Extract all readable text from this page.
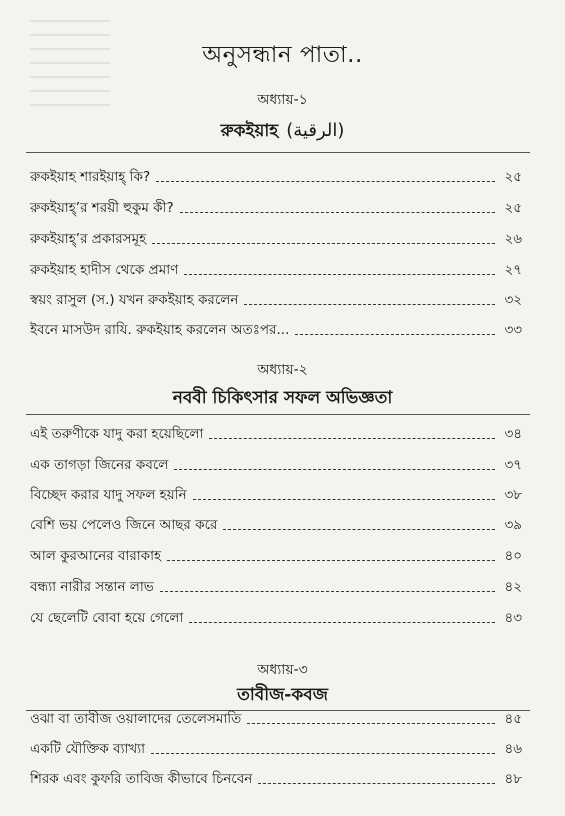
অনুসন্ধান পাতা..
অধ্যায়-১
রুকইয়াহ (الرقية)
রুকইয়াহ শারইয়াহ্ কি?	২৫
রুকইয়াহ্’র শরয়ী হুকুম কী?	২৫
রুকইয়াহ্’র প্রকারসমূহ	২৬
রুকইয়াহ হাদীস থেকে প্রমাণ	২৭
স্বয়ং রাসুল (স.) যখন রুকইয়াহ করলেন	৩২
ইবনে মাসউদ রাযি. রুকইয়াহ করলেন অতঃপর...	৩৩
অধ্যায়-২
নববী চিকিৎসার সফল অভিজ্ঞতা
এই তরুণীকে যাদু করা হয়েছিলো	৩৪
এক তাগড়া জিনের কবলে	৩৭
বিচ্ছেদ করার যাদু সফল হয়নি	৩৮
বেশি ভয় পেলেও জিনে আছর করে	৩৯
আল কুরআনের বারাকাহ	৪০
বন্ধ্যা নারীর সন্তান লাভ	৪২
যে ছেলেটি বোবা হয়ে গেলো	৪৩
অধ্যায়-৩
তাবীজ-কবজ
ওঝা বা তাবীজ ওয়ালাদের তেলেসমাতি	৪৫
একটি যৌক্তিক ব্যাখ্যা	৪৬
শিরক এবং কুফরি তাবিজ কীভাবে চিনবেন	৪৮
